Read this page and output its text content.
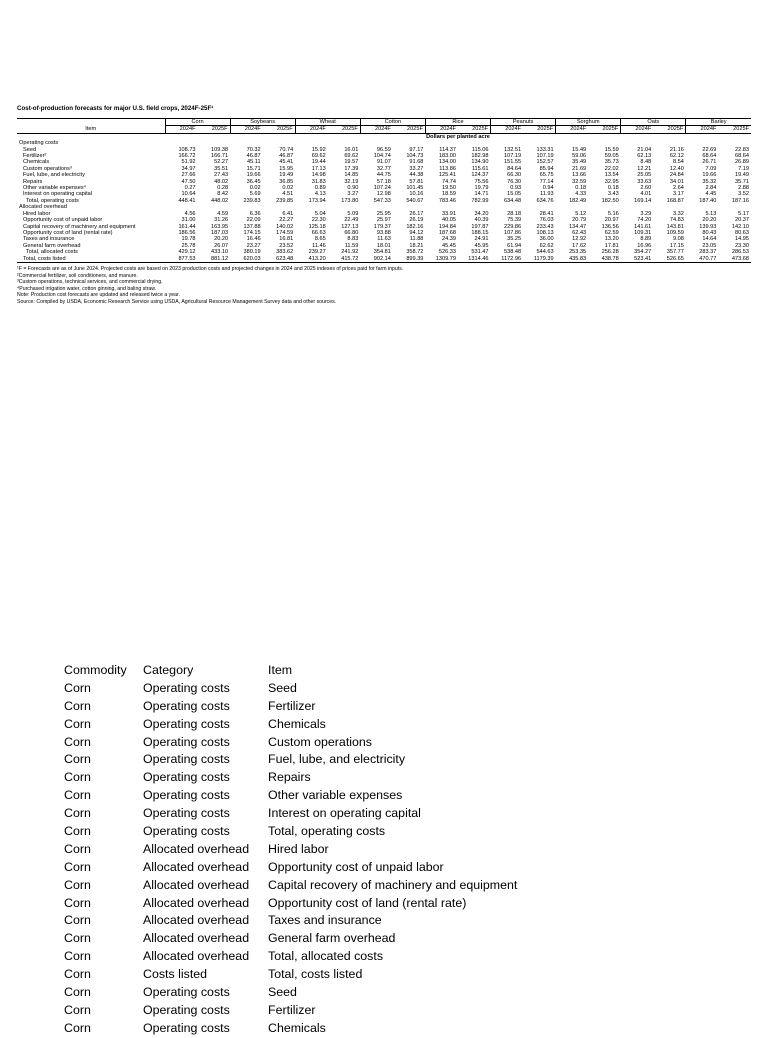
Cost-of-production forecasts for major U.S. field crops, 2024F-25F¹
	Corn		Soybeans		Wheat		Cotton		Rice		Peanuts		Sorghum		Oats		Barley	
Item	2024F	2025F	2024F	2025F	2024F	2025F	2024F	2025F	2024F	2025F	2024F	2025F	2024F	2025F	2024F	2025F	2024F	2025F
	Dollars per planted acre																	
Operating costs																		
Seed	108.73	109.38	70.32	70.74	15.92	16.01	96.59	97.17	114.37	115.06	132.51	133.31	15.49	15.59	21.04	21.16	22.69	22.83
Fertilizer²	166.72	166.71	46.87	46.87	69.62	69.62	104.74	104.73	183.00	182.98	107.19	107.19	59.06	59.05	62.13	62.12	68.64	68.64
Chemicals	51.92	52.27	45.11	45.41	19.44	19.57	91.07	91.68	134.00	134.90	151.55	152.57	35.49	35.73	8.48	8.54	26.71	26.89
Custom operations³	34.97	35.51	15.71	15.95	17.13	17.39	32.77	33.27	113.86	115.61	84.64	85.94	21.69	22.02	12.21	12.40	7.09	7.19
Fuel, lube, and electricity	27.66	27.43	19.66	19.49	14.98	14.85	44.75	44.38	125.41	124.37	66.30	65.75	13.66	13.54	25.05	24.84	19.66	19.49
Repairs	47.50	48.02	36.45	36.85	31.83	32.19	57.18	57.81	74.74	75.56	76.30	77.14	32.59	32.95	33.63	34.01	35.32	35.71
Other variable expenses⁴	0.27	0.28	0.02	0.02	0.89	0.90	107.24	101.45	19.50	19.79	0.93	0.94	0.18	0.18	2.60	2.64	2.84	2.88
Interest on operating capital	10.64	8.42	5.69	4.51	4.13	3.27	12.98	10.16	18.59	14.71	15.05	11.93	4.33	3.43	4.01	3.17	4.45	3.52
Total, operating costs	448.41	448.02	239.83	239.85	173.94	173.80	547.33	540.67	783.46	782.99	634.48	634.76	182.49	182.50	169.14	168.87	187.40	187.16
Allocated overhead																		
Hired labor	4.56	4.59	6.36	6.41	5.04	5.09	25.95	26.17	33.91	34.20	28.18	28.41	5.12	5.16	3.29	3.32	5.13	5.17
Opportunity cost of unpaid labor	31.00	31.26	22.09	22.27	22.30	22.49	25.97	26.19	40.05	40.39	75.39	76.03	20.79	20.97	74.20	74.83	20.20	20.37
Capital recovery of machinery and equipment	161.44	163.95	137.88	140.02	125.18	127.13	179.37	182.16	194.84	197.87	229.86	233.43	134.47	136.56	141.61	143.81	139.93	142.10
Opportunity cost of land (rental rate)	186.56	187.03	174.15	174.59	66.63	66.80	93.88	94.12	187.68	188.15	107.86	108.13	62.43	62.59	109.31	109.59	80.43	80.63
Taxes and insurance	19.78	20.20	16.46	16.81	8.65	8.83	11.63	11.88	24.39	24.91	35.25	36.00	12.92	13.20	8.89	9.08	14.64	14.95
General farm overhead	25.78	26.07	23.27	23.52	11.46	11.59	18.01	18.21	45.45	45.95	61.94	62.62	17.62	17.81	16.96	17.15	23.05	23.30
Total, allocated costs	429.12	433.10	380.19	383.62	239.27	241.92	354.81	358.72	526.33	531.47	538.48	544.63	253.35	256.28	354.27	357.77	283.37	286.53
Total, costs listed	877.53	881.12	620.03	623.48	413.20	415.72	902.14	899.39	1309.79	1314.46	1172.96	1179.39	435.83	438.78	523.41	526.65	470.77	473.68
¹F = Forecasts are as of June 2024. Projected costs are based on 2023 production costs and projected changes in 2024 and 2025 indexes of prices paid for farm inputs.
²Commercial fertilizer, soil conditioners, and manure.
³Custom operations, technical services, and commercial drying.
⁴Purchased irrigation water, cotton ginning, and baling straw.
Note: Production cost forecasts are updated and released twice a year.
Source: Compiled by USDA, Economic Research Service using USDA, Agricultural Resource Management Survey data and other sources.
Commodity	Category	Item
Corn	Operating costs	Seed
Corn	Operating costs	Fertilizer
Corn	Operating costs	Chemicals
Corn	Operating costs	Custom operations
Corn	Operating costs	Fuel, lube, and electricity
Corn	Operating costs	Repairs
Corn	Operating costs	Other variable expenses
Corn	Operating costs	Interest on operating capital
Corn	Operating costs	Total, operating costs
Corn	Allocated overhead	Hired labor
Corn	Allocated overhead	Opportunity cost of unpaid labor
Corn	Allocated overhead	Capital recovery of machinery and equipment
Corn	Allocated overhead	Opportunity cost of land (rental rate)
Corn	Allocated overhead	Taxes and insurance
Corn	Allocated overhead	General farm overhead
Corn	Allocated overhead	Total, allocated costs
Corn	Costs listed	Total, costs listed
Corn	Operating costs	Seed
Corn	Operating costs	Fertilizer
Corn	Operating costs	Chemicals
